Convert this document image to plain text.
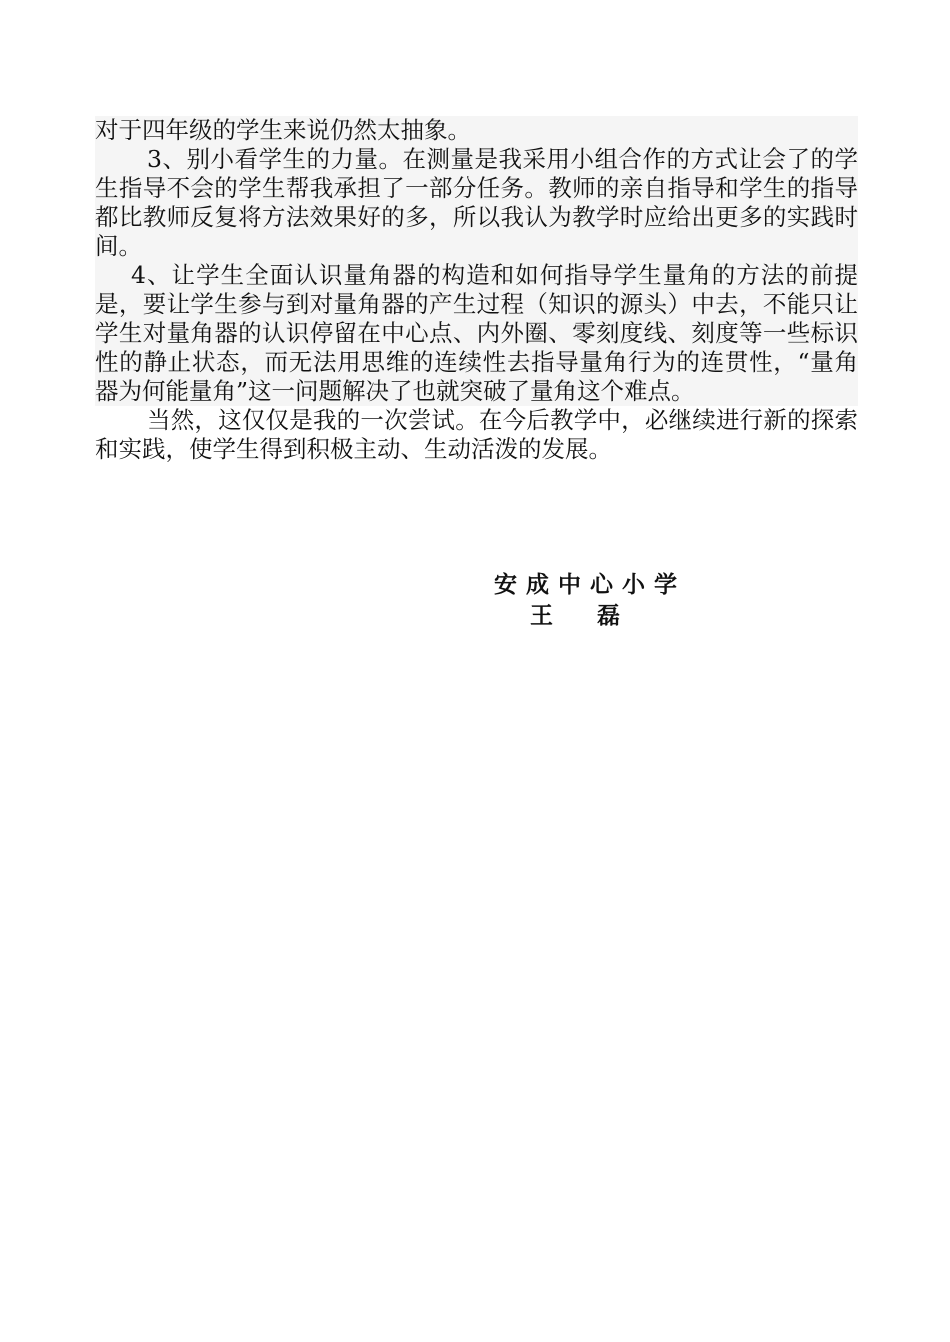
对于四年级的学生来说仍然太抽象。

3、别小看学生的力量。在测量是我采用小组合作的方式让会了的学生指导不会的学生帮我承担了一部分任务。教师的亲自指导和学生的指导都比教师反复将方法效果好的多，所以我认为教学时应给出更多的实践时间。

4、让学生全面认识量角器的构造和如何指导学生量角的方法的前提是，要让学生参与到对量角器的产生过程（知识的源头）中去，不能只让学生对量角器的认识停留在中心点、内外圈、零刻度线、刻度等一些标识性的静止状态，而无法用思维的连续性去指导量角行为的连贯性，“量角器为何能量角”这一问题解决了也就突破了量角这个难点。

当然，这仅仅是我的一次尝试。在今后教学中，必继续进行新的探索和实践，使学生得到积极主动、生动活泼的发展。

安成中心小学
王 磊
